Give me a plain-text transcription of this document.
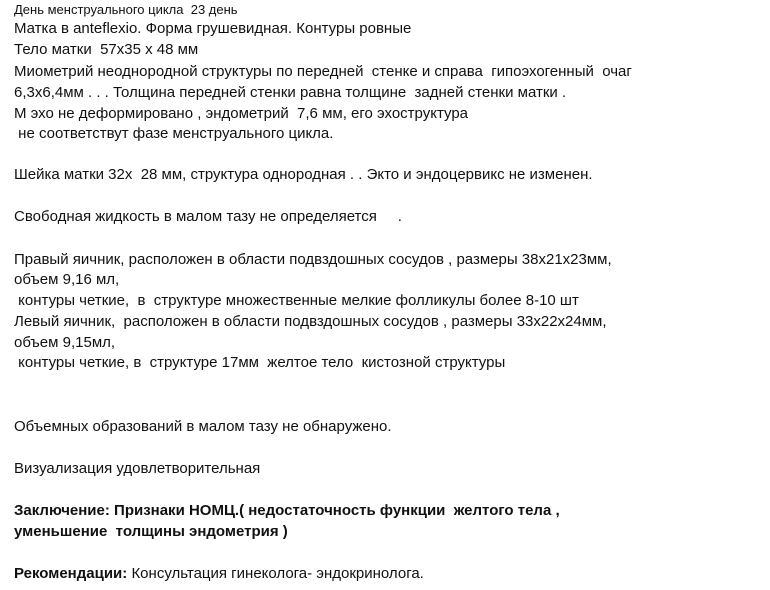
День менструального цикла  23 день
Матка в anteflexio. Форма грушевидная. Контуры ровные
Тело матки  57x35 x 48 мм
Миометрий неоднородной структуры по передней  стенке и справа  гипоэхогенный  очаг
6,3x6,4мм . . . Толщина передней стенки равна толщине  задней стенки матки .
М эхо не деформировано , эндометрий  7,6 мм, его эхоструктура
не соответствут фазе менструального цикла.
Шейка матки 32х  28 мм, структура однородная . . Экто и эндоцервикс не изменен.
Свободная жидкость в малом тазу не определяется     .
Правый яичник, расположен в области подвздошных сосудов , размеры 38x21x23мм,
объем 9,16 мл,
контуры четкие,  в  структуре множественные мелкие фолликулы более 8-10 шт
Левый яичник,  расположен в области подвздошных сосудов , размеры 33x22x24мм,
объем 9,15мл,
контуры четкие, в  структуре 17мм  желтое тело  кистозной структуры
Объемных образований в малом тазу не обнаружено.
Визуализация удовлетворительная
Заключение: Признаки НОМЦ.( недостаточность функции  желтого тела ,
уменьшение  толщины эндометрия )
Рекомендации: Консультация гинеколога- эндокринолога.
